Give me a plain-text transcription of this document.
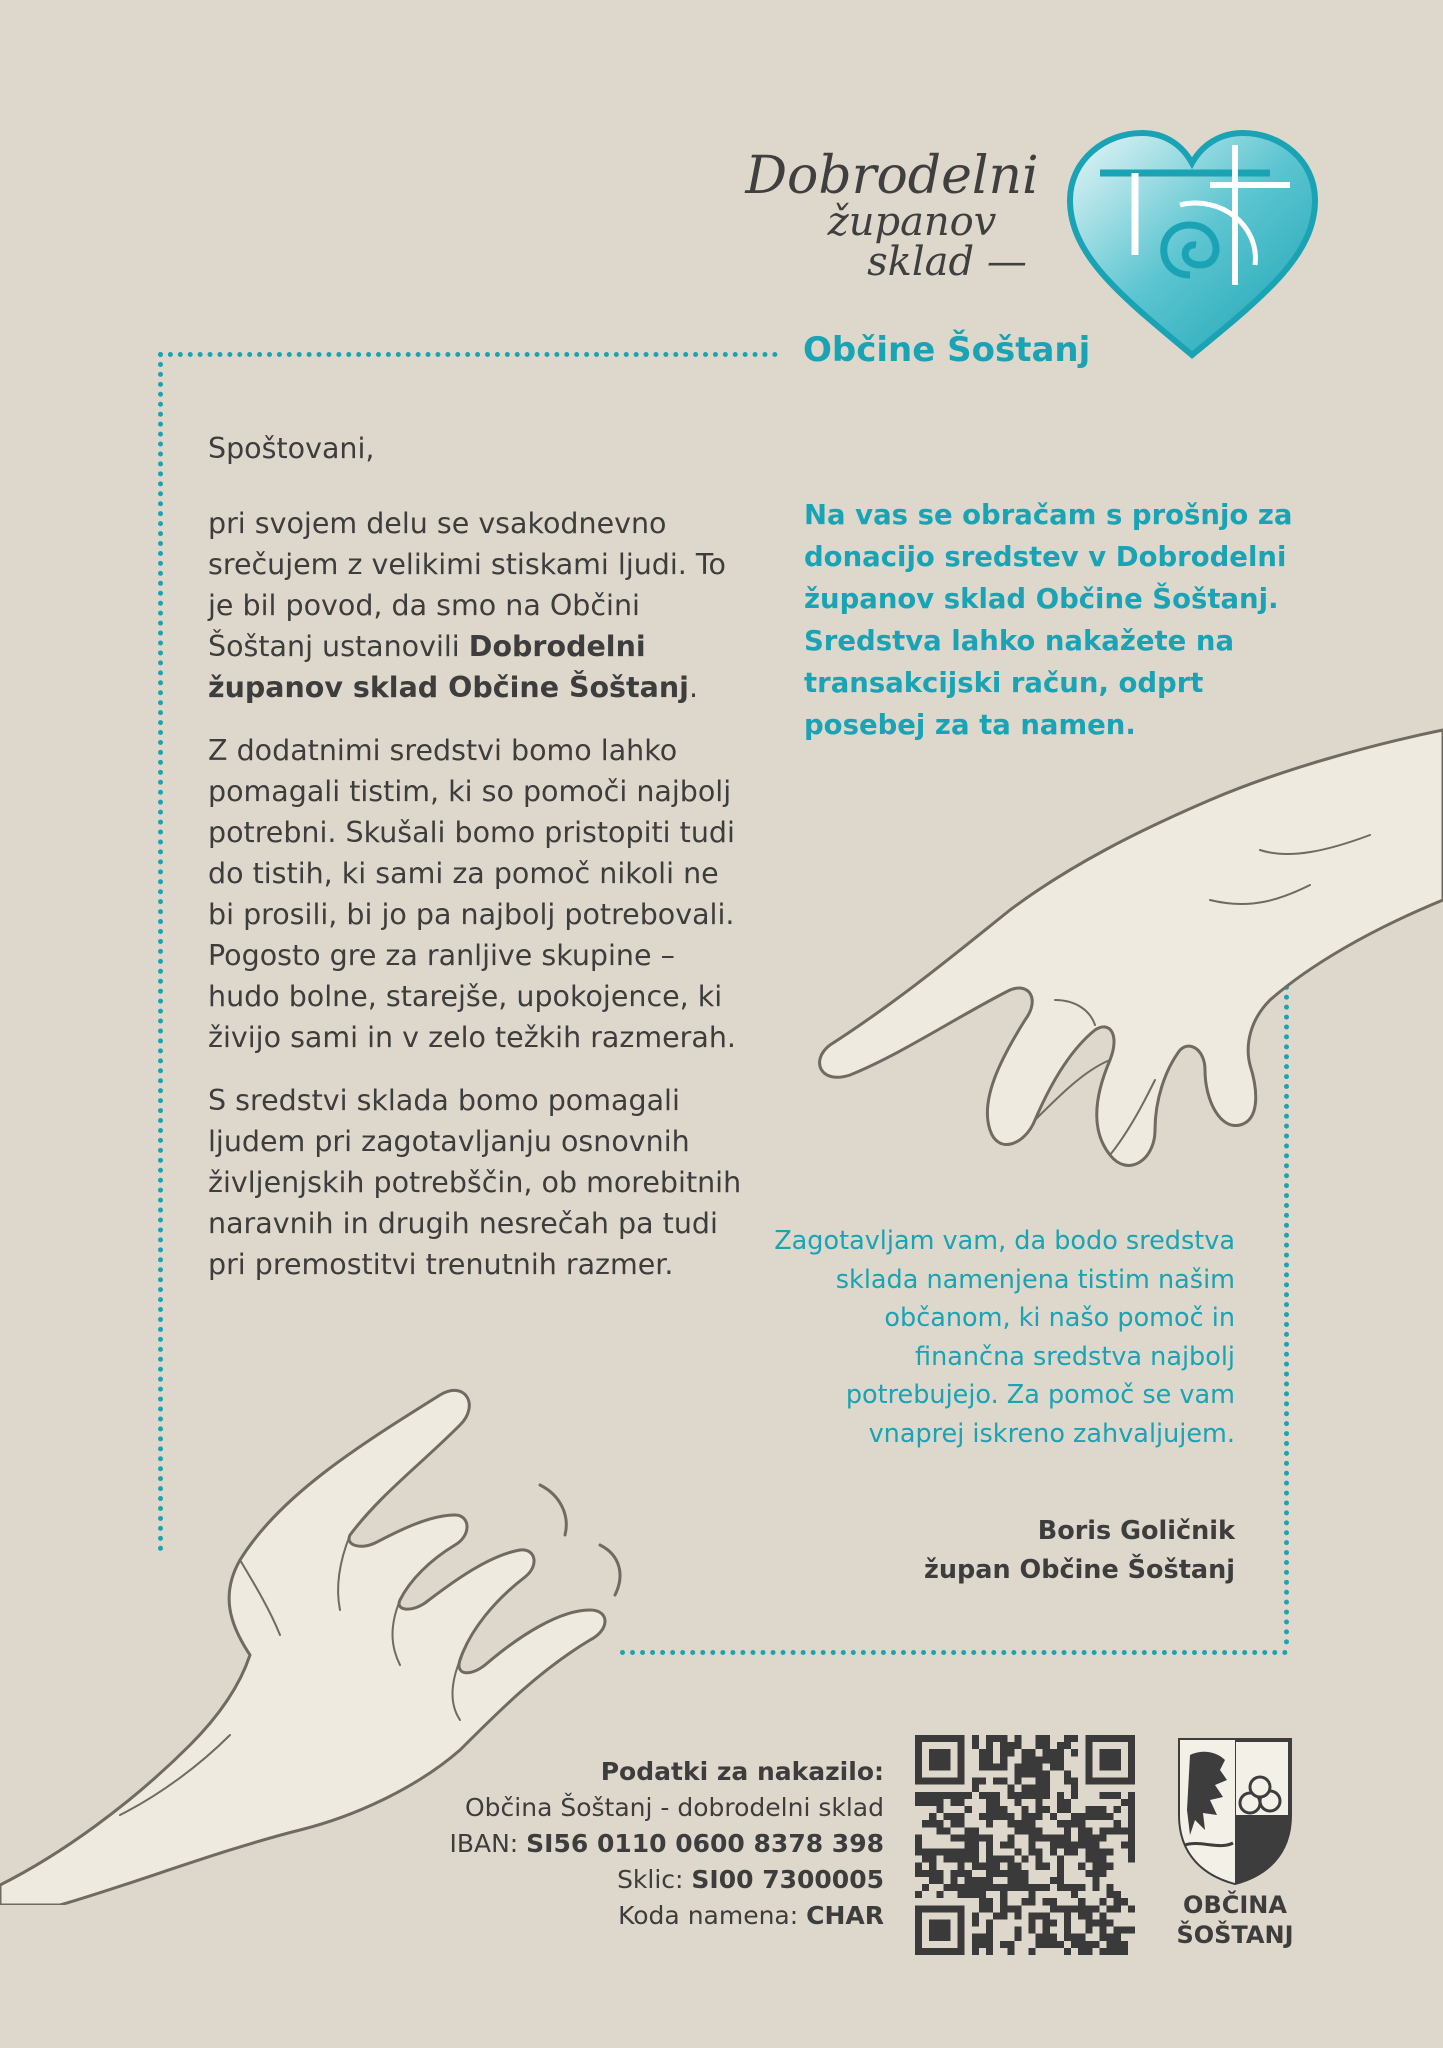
Dobrodelni
županov
sklad —
Občine Šoštanj

Spoštovani,

pri svojem delu se vsakodnevno srečujem z velikimi stiskami ljudi. To je bil povod, da smo na Občini Šoštanj ustanovili Dobrodelni županov sklad Občine Šoštanj.

Z dodatnimi sredstvi bomo lahko pomagali tistim, ki so pomoči najbolj potrebni. Skušali bomo pristopiti tudi do tistih, ki sami za pomoč nikoli ne bi prosili, bi jo pa najbolj potrebovali. Pogosto gre za ranljive skupine – hudo bolne, starejše, upokojence, ki živijo sami in v zelo težkih razmerah.

S sredstvi sklada bomo pomagali ljudem pri zagotavljanju osnovnih življenjskih potrebščin, ob morebitnih naravnih in drugih nesrečah pa tudi pri premostitvi trenutnih razmer.

Na vas se obračam s prošnjo za donacijo sredstev v Dobrodelni županov sklad Občine Šoštanj. Sredstva lahko nakažete na transakcijski račun, odprt posebej za ta namen.
Zagotavljam vam, da bodo sredstva sklada namenjena tistim našim občanom, ki našo pomoč in finančna sredstva najbolj potrebujejo. Za pomoč se vam vnaprej iskreno zahvaljujem.
Boris Goličnik
župan Občine Šoštanj
Podatki za nakazilo:
Občina Šoštanj - dobrodelni sklad
IBAN: SI56 0110 0600 8378 398
Sklic: SI00 7300005
Koda namena: CHAR	OBČINA
ŠOŠTANJ
